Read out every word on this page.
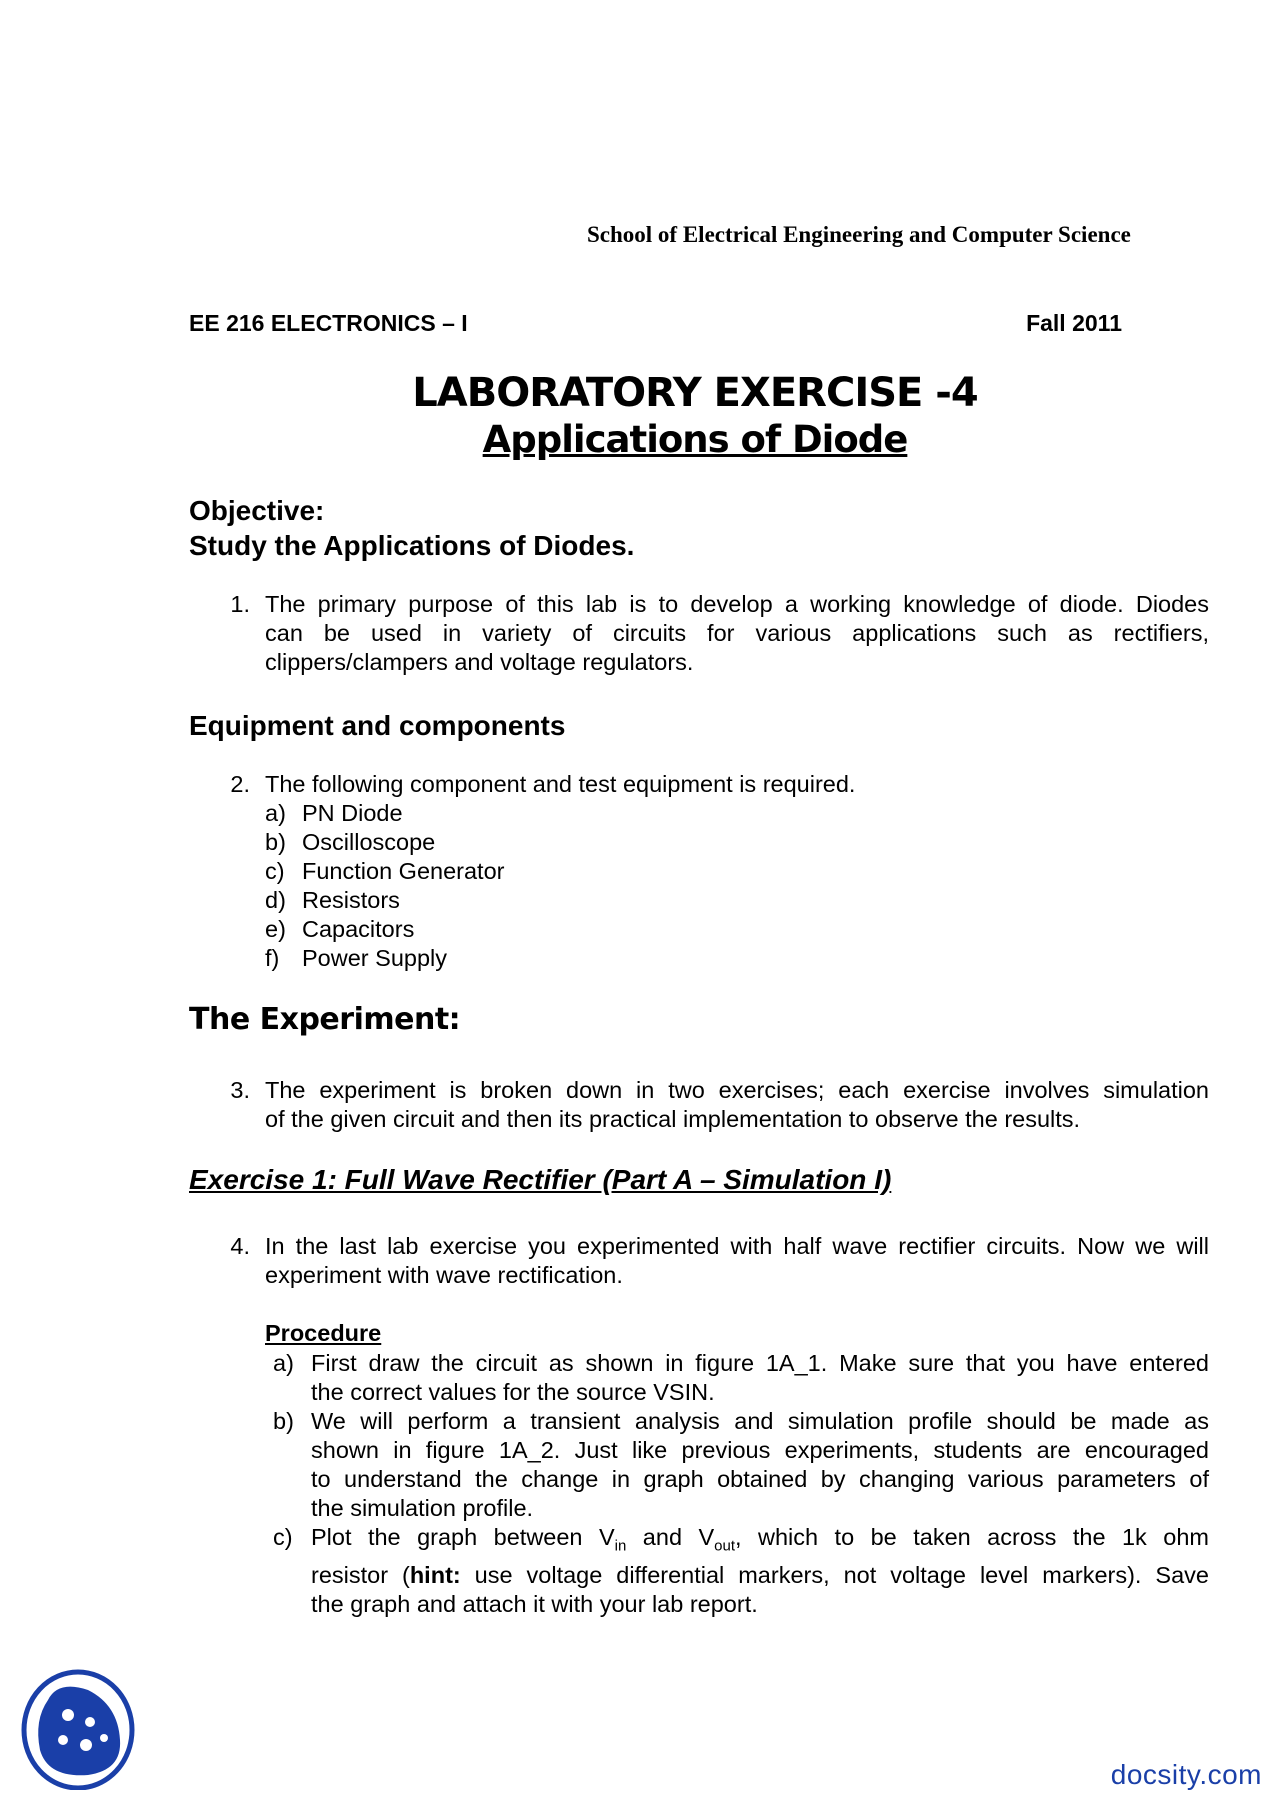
School of Electrical Engineering and Computer Science
EE 216 ELECTRONICS – I	Fall 2011
LABORATORY EXERCISE -4
Applications of Diode
Objective:
Study the Applications of Diodes.
1. The primary purpose of this lab is to develop a working knowledge of diode. Diodes
can be used in variety of circuits for various applications such as rectifiers,
clippers/clampers and voltage regulators.
Equipment and components
2. The following component and test equipment is required.
a) PN Diode
b) Oscilloscope
c) Function Generator
d) Resistors
e) Capacitors
f) Power Supply
The Experiment:
3. The experiment is broken down in two exercises; each exercise involves simulation
of the given circuit and then its practical implementation to observe the results.
Exercise 1: Full Wave Rectifier (Part A – Simulation I)
4. In the last lab exercise you experimented with half wave rectifier circuits. Now we will
experiment with wave rectification.
Procedure
a) First draw the circuit as shown in figure 1A_1. Make sure that you have entered
the correct values for the source VSIN.
b) We will perform a transient analysis and simulation profile should be made as
shown in figure 1A_2. Just like previous experiments, students are encouraged
to understand the change in graph obtained by changing various parameters of
the simulation profile.
c) Plot the graph between $V_{in}$ and $V_{out}$, which to be taken across the 1k ohm
resistor (hint: use voltage differential markers, not voltage level markers). Save
the graph and attach it with your lab report.
docsity.com
